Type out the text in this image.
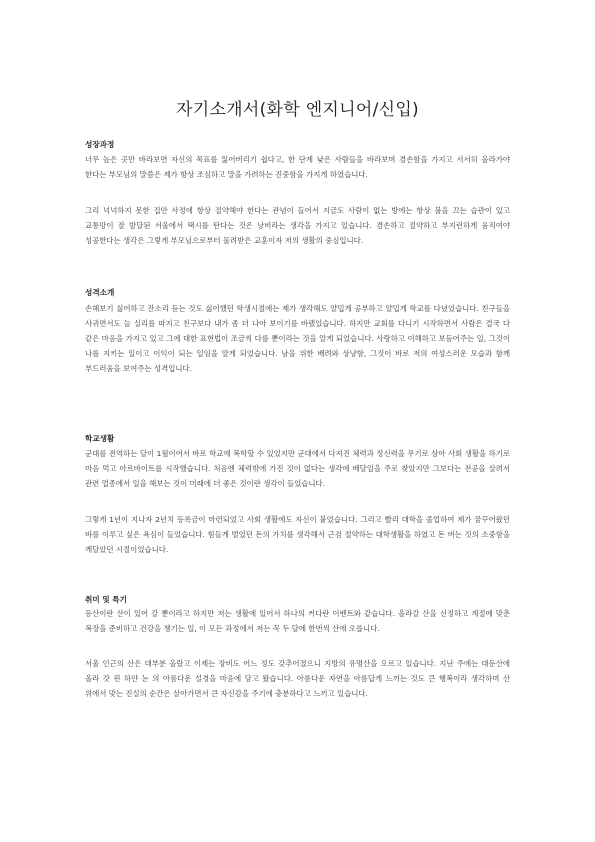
자기소개서(화학 엔지니어/신입)
성장과정

너무 높은 곳만 바라보면 자신의 목표를 잃어버리기 쉽다고, 한 단계 낮은 사람들을 바라보며 겸손함을 가지고 서서히 올라가야 한다는 부모님의 말씀은 제가 항상 조심하고 말을 가려하는 진중함을 가지게 하였습니다.

그리 넉넉하지 못한 집안 사정에 항상 절약해야 한다는 관념이 들어서 지금도 사람이 없는 방에는 항상 불을 끄는 습관이 있고 교통망이 잘 발달된 서울에서 택시를 탄다는 것은 낭비라는 생각을 가지고 있습니다. 겸손하고 절약하고 부지런하게 움직여야 성공한다는 생각은 그렇게 부모님으로부터 물려받은 교훈이자 저의 생활의 중심입니다.

성격소개

손해보기 싫어하고 잔소리 듣는 것도 싫어했던 학생시절에는 제가 생각해도 얄밉게 공부하고 얄밉게 학교를 다녔었습니다. 친구들을 사귀면서도 늘 실리를 따지고 친구보다 내가 좀 더 나아 보이기를 바랬었습니다. 하지만 교회를 다니기 시작하면서 사람은 결국 다 같은 마음을 가지고 있고 그에 대한 표현법이 조금씩 다를 뿐이라는 것을 알게 되었습니다. 사랑하고 이해하고 보듬어주는 일, 그것이 나를 지키는 일이고 이익이 되는 일임을 알게 되었습니다. 남을 위한 배려와 상냥함, 그것이 바로 저의 여성스러운 모습과 함께 부드러움을 보여주는 성격입니다.

학교생활

군대를 전역하는 달이 1월이어서 바로 학교에 복학할 수 있었지만 군대에서 다져진 체력과 정신력을 무기로 삼아 사회 생활을 하기로 마음 먹고 아르바이트를 시작했습니다. 처음엔 체력밖에 가진 것이 없다는 생각에 배달일을 주로 찾았지만 그보다는 전공을 살려서 관련 업종에서 일을 해보는 것이 미래에 더 좋은 것이란 생각이 들었습니다.

그렇게 1년이 지나자 2년치 등록금이 마련되었고 사회 생활에도 자신이 붙었습니다. 그리고 빨리 대학을 졸업하여 제가 꿈꾸어왔던 바를 이루고 싶은 욕심이 들었습니다. 힘들게 벌었던 돈의 가치를 생각해서 근검 절약하는 대학생활을 하였고 돈 버는 것의 소중함을 깨달았던 시절이었습니다.

취미 및 특기

등산이란 산이 있어 갈 뿐이라고 하지만 저는 생활에 있어서 하나의 커다란 이벤트와 같습니다. 올라갈 산을 선정하고 계절에 맞춘 복장을 준비하고 건강을 챙기는 일, 이 모든 과정에서 저는 꼭 두 달에 한번씩 산에 오릅니다.

서울 인근의 산은 대부분 올랐고 이제는 장비도 어느 정도 갖추어졌으니 지방의 유명산을 오르고 있습니다. 지난 주에는 대둔산에 올라 갓 핀 하얀 눈 의 아름다운 설경을 마음에 담고 왔습니다. 아름다운 자연을 아름답게 느끼는 것도 큰 행복이라 생각하며 산 위에서 맞는 진실의 순간은 살아가면서 큰 자신감을 주기에 충분하다고 느끼고 있습니다.
